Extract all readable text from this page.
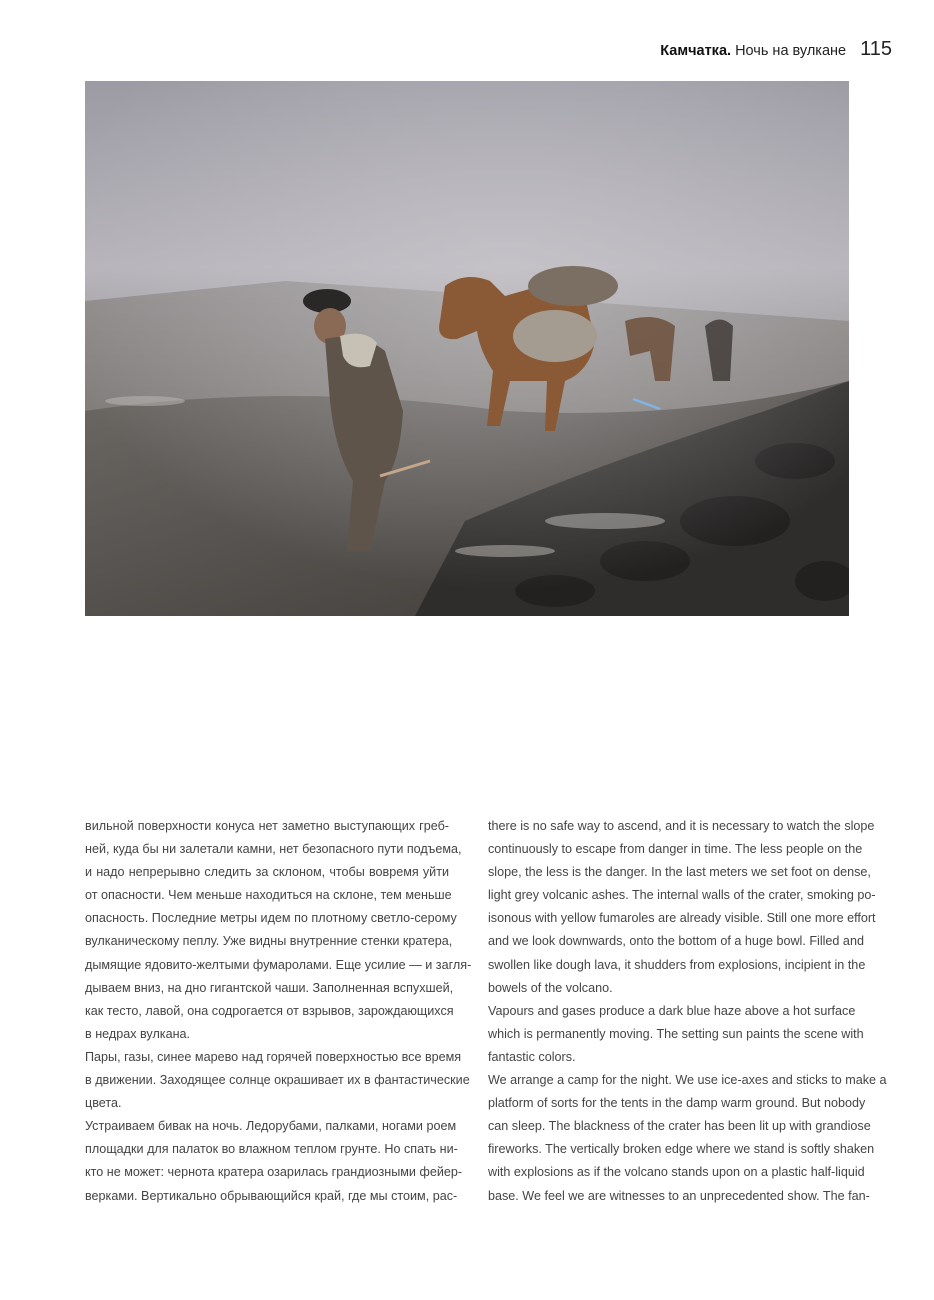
Камчатка. Ночь на вулкане 115

вильной поверхности конуса нет заметно выступающих греб-
ней, куда бы ни залетали камни, нет безопасного пути подъема,
и надо непрерывно следить за склоном, чтобы вовремя уйти
от опасности. Чем меньше находиться на склоне, тем меньше
опасность. Последние метры идем по плотному светло-серому
вулканическому пеплу. Уже видны внутренние стенки кратера,
дымящие ядовито-желтыми фумаролами. Еще усилие — и загля-
дываем вниз, на дно гигантской чаши. Заполненная вспухшей,
как тесто, лавой, она содрогается от взрывов, зарождающихся
в недрах вулкана.

Пары, газы, синее марево над горячей поверхностью все время
в движении. Заходящее солнце окрашивает их в фантастические
цвета.

Устраиваем бивак на ночь. Ледорубами, палками, ногами роем
площадки для палаток во влажном теплом грунте. Но спать ни-
кто не может: чернота кратера озарилась грандиозными фейер-
верками. Вертикально обрывающийся край, где мы стоим, рас-

there is no safe way to ascend, and it is necessary to watch the slope
continuously to escape from danger in time. The less people on the
slope, the less is the danger. In the last meters we set foot on dense,
light grey volcanic ashes. The internal walls of the crater, smoking po-
isonous with yellow fumaroles are already visible. Still one more effort
and we look downwards, onto the bottom of a huge bowl. Filled and
swollen like dough lava, it shudders from explosions, incipient in the
bowels of the volcano.

Vapours and gases produce a dark blue haze above a hot surface
which is permanently moving. The setting sun paints the scene with
fantastic colors.

We arrange a camp for the night. We use ice-axes and sticks to make a
platform of sorts for the tents in the damp warm ground. But nobody
can sleep. The blackness of the crater has been lit up with grandiose
fireworks. The vertically broken edge where we stand is softly shaken
with explosions as if the volcano stands upon on a plastic half-liquid
base. We feel we are witnesses to an unprecedented show. The fan-
